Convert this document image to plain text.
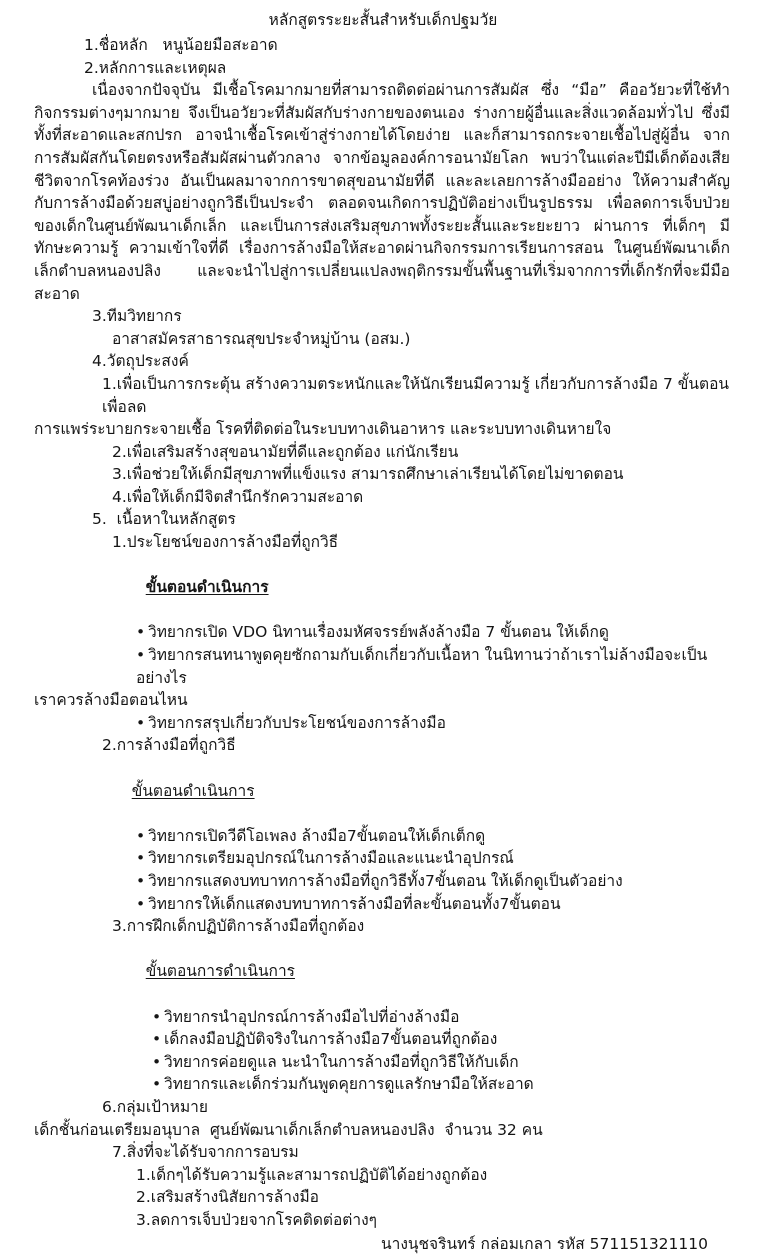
หลักสูตรระยะสั้นสำหรับเด็กปฐมวัย
1.ชื่อหลัก   หนูน้อยมือสะอาด
2.หลักการและเหตุผล
เนื่องจากปัจจุบัน มีเชื้อโรคมากมายที่สามารถติดต่อผ่านการสัมผัส ซึ่ง “มือ” คืออวัยวะที่ใช้ทำกิจกรรมต่างๆมากมาย จึงเป็นอวัยวะที่สัมผัสกับร่างกายของตนเอง ร่างกายผู้อื่นและสิ่งแวดล้อมทั่วไป ซึ่งมีทั้งที่สะอาดและสกปรก อาจนำเชื้อโรคเข้าสู่ร่างกายได้โดยง่าย และก็สามารถกระจายเชื้อไปสู่ผู้อื่น จากการสัมผัสกันโดยตรงหรือสัมผัสผ่านตัวกลาง จากข้อมูลองค์การอนามัยโลก พบว่าในแต่ละปีมีเด็กต้องเสียชีวิตจากโรคท้องร่วง อันเป็นผลมาจากการขาดสุขอนามัยที่ดี และละเลยการล้างมืออย่าง ให้ความสำคัญกับการล้างมือด้วยสบู่อย่างถูกวิธีเป็นประจำ ตลอดจนเกิดการปฏิบัติอย่างเป็นรูปธรรม เพื่อลดการเจ็บป่วยของเด็กในศูนย์พัฒนาเด็กเล็ก และเป็นการส่งเสริมสุขภาพทั้งระยะสั้นและระยะยาว ผ่านการ ที่เด็กๆ มีทักษะความรู้ ความเข้าใจที่ดี เรื่องการล้างมือให้สะอาดผ่านกิจกรรมการเรียนการสอน ในศูนย์พัฒนาเด็กเล็กตำบลหนองปลิง และจะนำไปสู่การเปลี่ยนแปลงพฤติกรรมขั้นพื้นฐานที่เริ่มจากการที่เด็กรักที่จะมีมือสะอาด
3.ทีมวิทยากร
อาสาสมัครสาธารณสุขประจำหมู่บ้าน (อสม.)
4.วัตถุประสงค์
1.เพื่อเป็นการกระตุ้น สร้างความตระหนักและให้นักเรียนมีความรู้ เกี่ยวกับการล้างมือ 7 ขั้นตอนเพื่อลด
การแพร่ระบายกระจายเชื้อ โรคที่ติดต่อในระบบทางเดินอาหาร และระบบทางเดินหายใจ
2.เพื่อเสริมสร้างสุขอนามัยที่ดีและถูกต้อง แก่นักเรียน
3.เพื่อช่วยให้เด็กมีสุขภาพที่แข็งแรง สามารถศึกษาเล่าเรียนได้โดยไม่ขาดตอน
4.เพื่อให้เด็กมีจิตสำนึกรักความสะอาด
5.  เนื้อหาในหลักสูตร
1.ประโยชน์ของการล้างมือที่ถูกวิธี

ขั้นตอนดำเนินการ

• วิทยากรเปิด VDO นิทานเรื่องมหัศจรรย์พลังล้างมือ 7 ขั้นตอน ให้เด็กดู
• วิทยากรสนทนาพูดคุยซักถามกับเด็กเกี่ยวกับเนื้อหา ในนิทานว่าถ้าเราไม่ล้างมือจะเป็นอย่างไร
เราควรล้างมือตอนไหน
• วิทยากรสรุปเกี่ยวกับประโยชน์ของการล้างมือ
2.การล้างมือที่ถูกวิธี

ขั้นตอนดำเนินการ

• วิทยากรเปิดวีดีโอเพลง ล้างมือ7ขั้นตอนให้เด็กเต็กดู
• วิทยากรเตรียมอุปกรณ์ในการล้างมือและแนะนำอุปกรณ์
• วิทยากรแสดงบทบาทการล้างมือที่ถูกวิธีทั้ง7ขั้นตอน ให้เด็กดูเป็นตัวอย่าง
• วิทยากรให้เด็กแสดงบทบาทการล้างมือที่ละขั้นตอนทั้ง7ขั้นตอน
3.การฝึกเด็กปฏิบัติการล้างมือที่ถูกต้อง

ขั้นตอนการดำเนินการ

• วิทยากรนำอุปกรณ์การล้างมือไปที่อ่างล้างมือ
• เด็กลงมือปฏิบัติจริงในการล้างมือ7ขั้นตอนที่ถูกต้อง
• วิทยากรค่อยดูแล นะนำในการล้างมือที่ถูกวิธีให้กับเด็ก
• วิทยากรและเด็กร่วมกันพูดคุยการดูแลรักษามือให้สะอาด
6.กลุ่มเป้าหมาย
เด็กชั้นก่อนเตรียมอนุบาล  ศูนย์พัฒนาเด็กเล็กตำบลหนองปลิง  จำนวน 32 คน
7.สิ่งที่จะได้รับจากการอบรม
1.เด็กๆได้รับความรู้และสามารถปฏิบัติได้อย่างถูกต้อง
2.เสริมสร้างนิสัยการล้างมือ
3.ลดการเจ็บป่วยจากโรคติดต่อต่างๆ
นางนุชจรินทร์ กล่อมเกลา รหัส 571151321110
